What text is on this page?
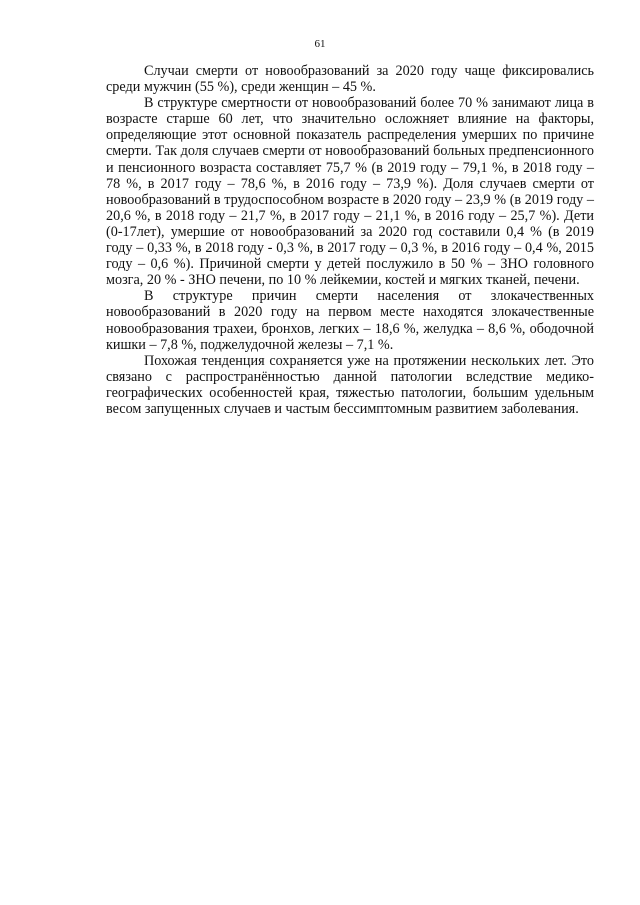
61

Случаи смерти от новообразований за 2020 году чаще фиксировались среди мужчин (55 %), среди женщин – 45 %.

В структуре смертности от новообразований более 70 % занимают лица в возрасте старше 60 лет, что значительно осложняет влияние на факторы, определяющие этот основной показатель распределения умерших по причине смерти. Так доля случаев смерти от новообразований больных предпенсионного и пенсионного возраста составляет 75,7 % (в 2019 году – 79,1 %, в 2018 году – 78 %, в 2017 году – 78,6 %, в 2016 году – 73,9 %). Доля случаев смерти от новообразований в трудоспособном возрасте в 2020 году – 23,9 % (в 2019 году – 20,6 %, в 2018 году – 21,7 %, в 2017 году – 21,1 %, в 2016 году – 25,7 %). Дети (0-17лет), умершие от новообразований за 2020 год составили 0,4 % (в 2019 году – 0,33 %, в 2018 году - 0,3 %, в 2017 году – 0,3 %, в 2016 году – 0,4 %, 2015 году – 0,6 %). Причиной смерти у детей послужило в 50 % – ЗНО головного мозга, 20 % - ЗНО печени, по 10 % лейкемии, костей и мягких тканей, печени.

В структуре причин смерти населения от злокачественных новообразований в 2020 году на первом месте находятся злокачественные новообразования трахеи, бронхов, легких – 18,6 %, желудка – 8,6 %, ободочной кишки – 7,8 %, поджелудочной железы – 7,1 %.

Похожая тенденция сохраняется уже на протяжении нескольких лет. Это связано с распространённостью данной патологии вследствие медико-географических особенностей края, тяжестью патологии, большим удельным весом запущенных случаев и частым бессимптомным развитием заболевания.
